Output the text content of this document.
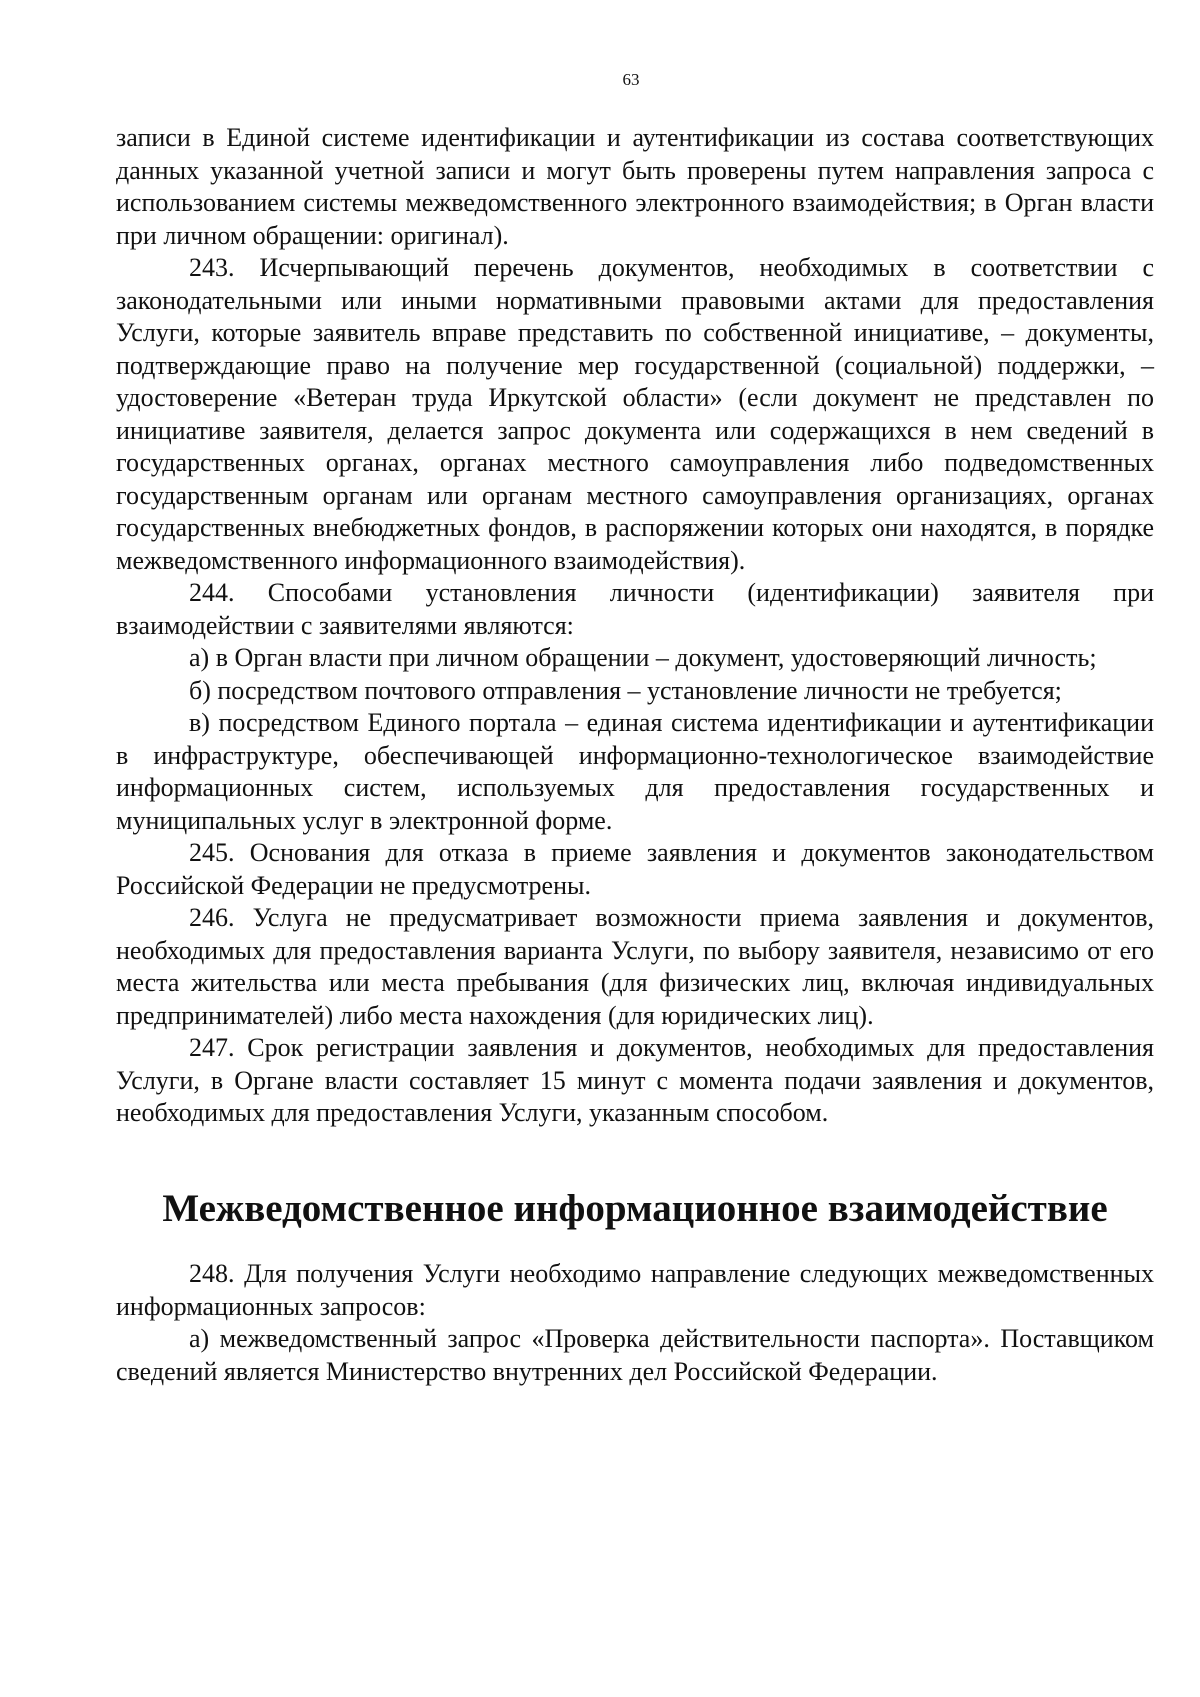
63

записи в Единой системе идентификации и аутентификации из состава соответствующих данных указанной учетной записи и могут быть проверены путем направления запроса с использованием системы межведомственного электронного взаимодействия; в Орган власти при личном обращении: оригинал).

243. Исчерпывающий перечень документов, необходимых в соответствии с законодательными или иными нормативными правовыми актами для предоставления Услуги, которые заявитель вправе представить по собственной инициативе, – документы, подтверждающие право на получение мер государственной (социальной) поддержки, – удостоверение «Ветеран труда Иркутской области» (если документ не представлен по инициативе заявителя, делается запрос документа или содержащихся в нем сведений в государственных органах, органах местного самоуправления либо подведомственных государственным органам или органам местного самоуправления организациях, органах государственных внебюджетных фондов, в распоряжении которых они находятся, в порядке межведомственного информационного взаимодействия).

244. Способами установления личности (идентификации) заявителя при взаимодействии с заявителями являются:

а) в Орган власти при личном обращении – документ, удостоверяющий личность;

б) посредством почтового отправления – установление личности не требуется;

в) посредством Единого портала – единая система идентификации и аутентификации в инфраструктуре, обеспечивающей информационно-технологическое взаимодействие информационных систем, используемых для предоставления государственных и муниципальных услуг в электронной форме.

245. Основания для отказа в приеме заявления и документов законодательством Российской Федерации не предусмотрены.

246. Услуга не предусматривает возможности приема заявления и документов, необходимых для предоставления варианта Услуги, по выбору заявителя, независимо от его места жительства или места пребывания (для физических лиц, включая индивидуальных предпринимателей) либо места нахождения (для юридических лиц).

247. Срок регистрации заявления и документов, необходимых для предоставления Услуги, в Органе власти составляет 15 минут с момента подачи заявления и документов, необходимых для предоставления Услуги, указанным способом.

Межведомственное информационное взаимодействие

248. Для получения Услуги необходимо направление следующих межведомственных информационных запросов:

а) межведомственный запрос «Проверка действительности паспорта». Поставщиком сведений является Министерство внутренних дел Российской Федерации.
